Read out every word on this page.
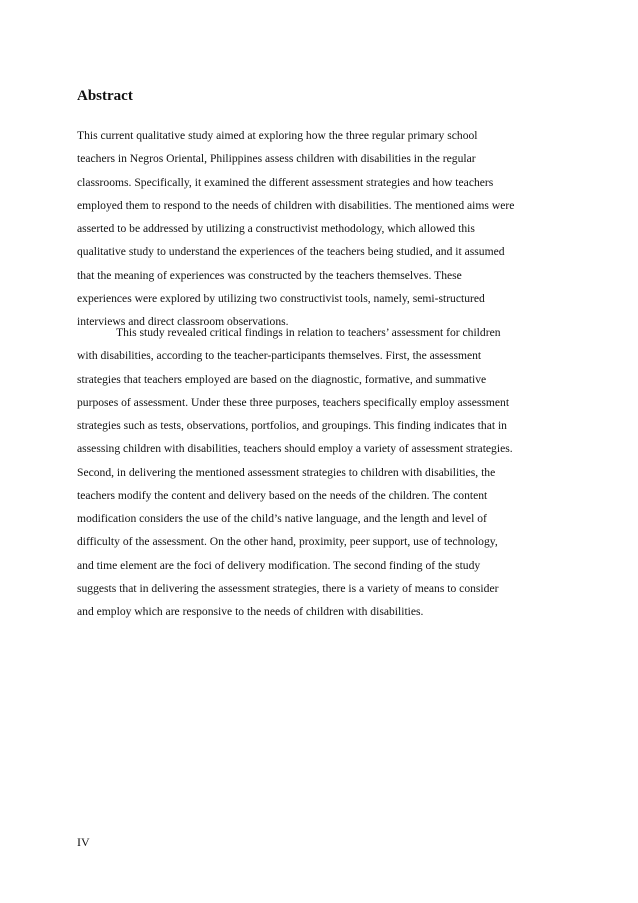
Abstract
This current qualitative study aimed at exploring how the three regular primary school
teachers in Negros Oriental, Philippines assess children with disabilities in the regular
classrooms. Specifically, it examined the different assessment strategies and how teachers
employed them to respond to the needs of children with disabilities. The mentioned aims were
asserted to be addressed by utilizing a constructivist methodology, which allowed this
qualitative study to understand the experiences of the teachers being studied, and it assumed
that the meaning of experiences was constructed by the teachers themselves. These
experiences were explored by utilizing two constructivist tools, namely, semi-structured
interviews and direct classroom observations.
This study revealed critical findings in relation to teachers’ assessment for children
with disabilities, according to the teacher-participants themselves. First, the assessment
strategies that teachers employed are based on the diagnostic, formative, and summative
purposes of assessment. Under these three purposes, teachers specifically employ assessment
strategies such as tests, observations, portfolios, and groupings. This finding indicates that in
assessing children with disabilities, teachers should employ a variety of assessment strategies.
Second, in delivering the mentioned assessment strategies to children with disabilities, the
teachers modify the content and delivery based on the needs of the children. The content
modification considers the use of the child’s native language, and the length and level of
difficulty of the assessment. On the other hand, proximity, peer support, use of technology,
and time element are the foci of delivery modification. The second finding of the study
suggests that in delivering the assessment strategies, there is a variety of means to consider
and employ which are responsive to the needs of children with disabilities.
IV
